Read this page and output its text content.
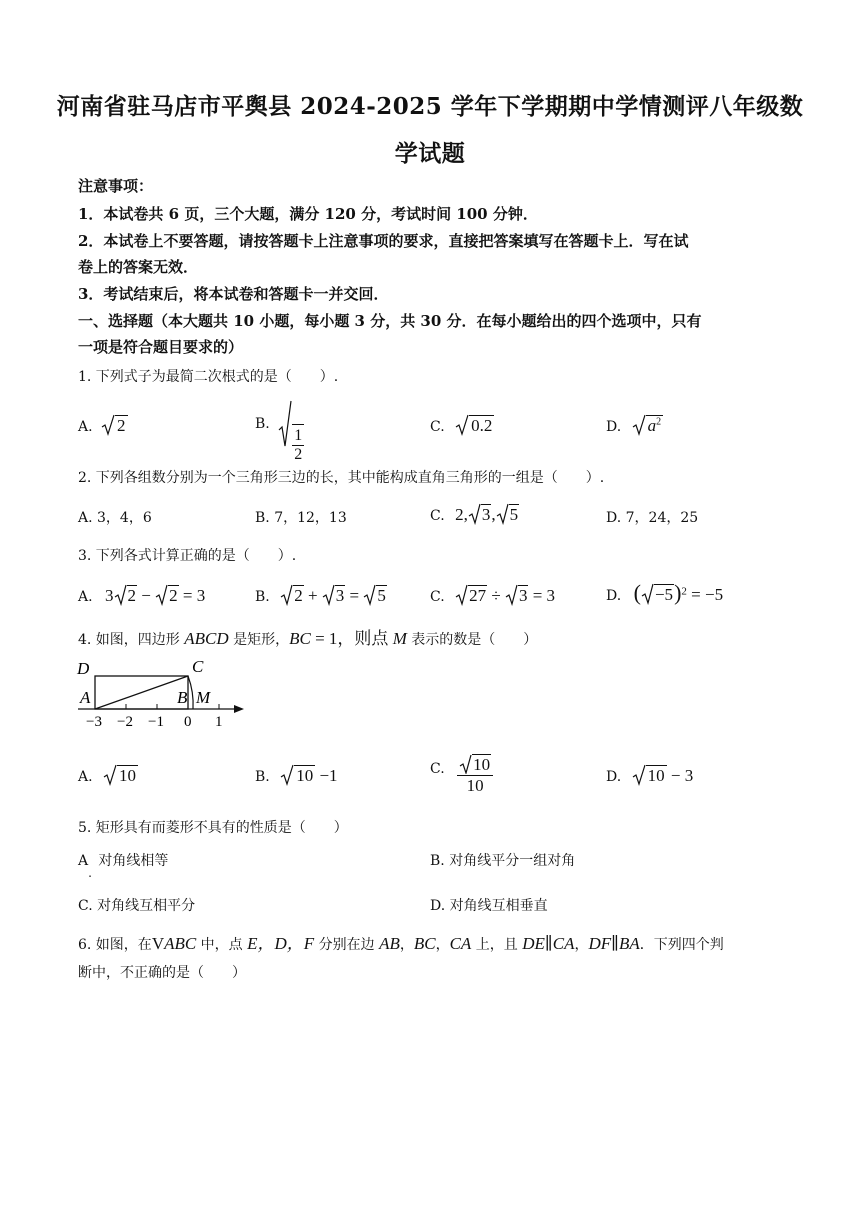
河南省驻马店市平舆县 2024-2025 学年下学期期中学情测评八年级数
学试题
注意事项：
1．本试卷共 6 页，三个大题，满分 120 分，考试时间 100 分钟．
2．本试卷上不要答题，请按答题卡上注意事项的要求，直接把答案填写在答题卡上．写在试
卷上的答案无效．
3．考试结束后，将本试卷和答题卡一并交回．
一、选择题（本大题共 10 小题，每小题 3 分，共 30 分．在每小题给出的四个选项中，只有
一项是符合题目要求的）
1. 下列式子为最简二次根式的是（　　）.
A. 2	B.
$\frac{1}{2}$	C. 0.2	D. $a^2$
2. 下列各组数分别为一个三角形三边的长，其中能构成直角三角形的一组是（　　）.
A. 3，4，6	B. 7，12，13	C. 2, 3, 5	D. 7，24，25
3. 下列各式计算正确的是（　　）.
A. 3 2 − 2 = 3	B. 2 + 3 = 5	C. 27 ÷ 3 = 3	D. ( −5)$^2$ = −5
4. 如图，四边形 ABCD 是矩形，BC = 1，则点 M 表示的数是（　　）
D	C
A	B M
−3 −2 −1 0 1
A. 10	B. 10 −1	C. $\frac{10}{10}$	D. 10 − 3
5. 矩形具有而菱形不具有的性质是（　　）
A. 对角线相等	B. 对角线平分一组对角
C. 对角线互相平分	D. 对角线互相垂直
6. 如图，在VABC 中，点 E，D，F 分别在边 AB，BC，CA 上，且 DE∥CA，DF∥BA．下列四个判
断中，不正确的是（　　）
